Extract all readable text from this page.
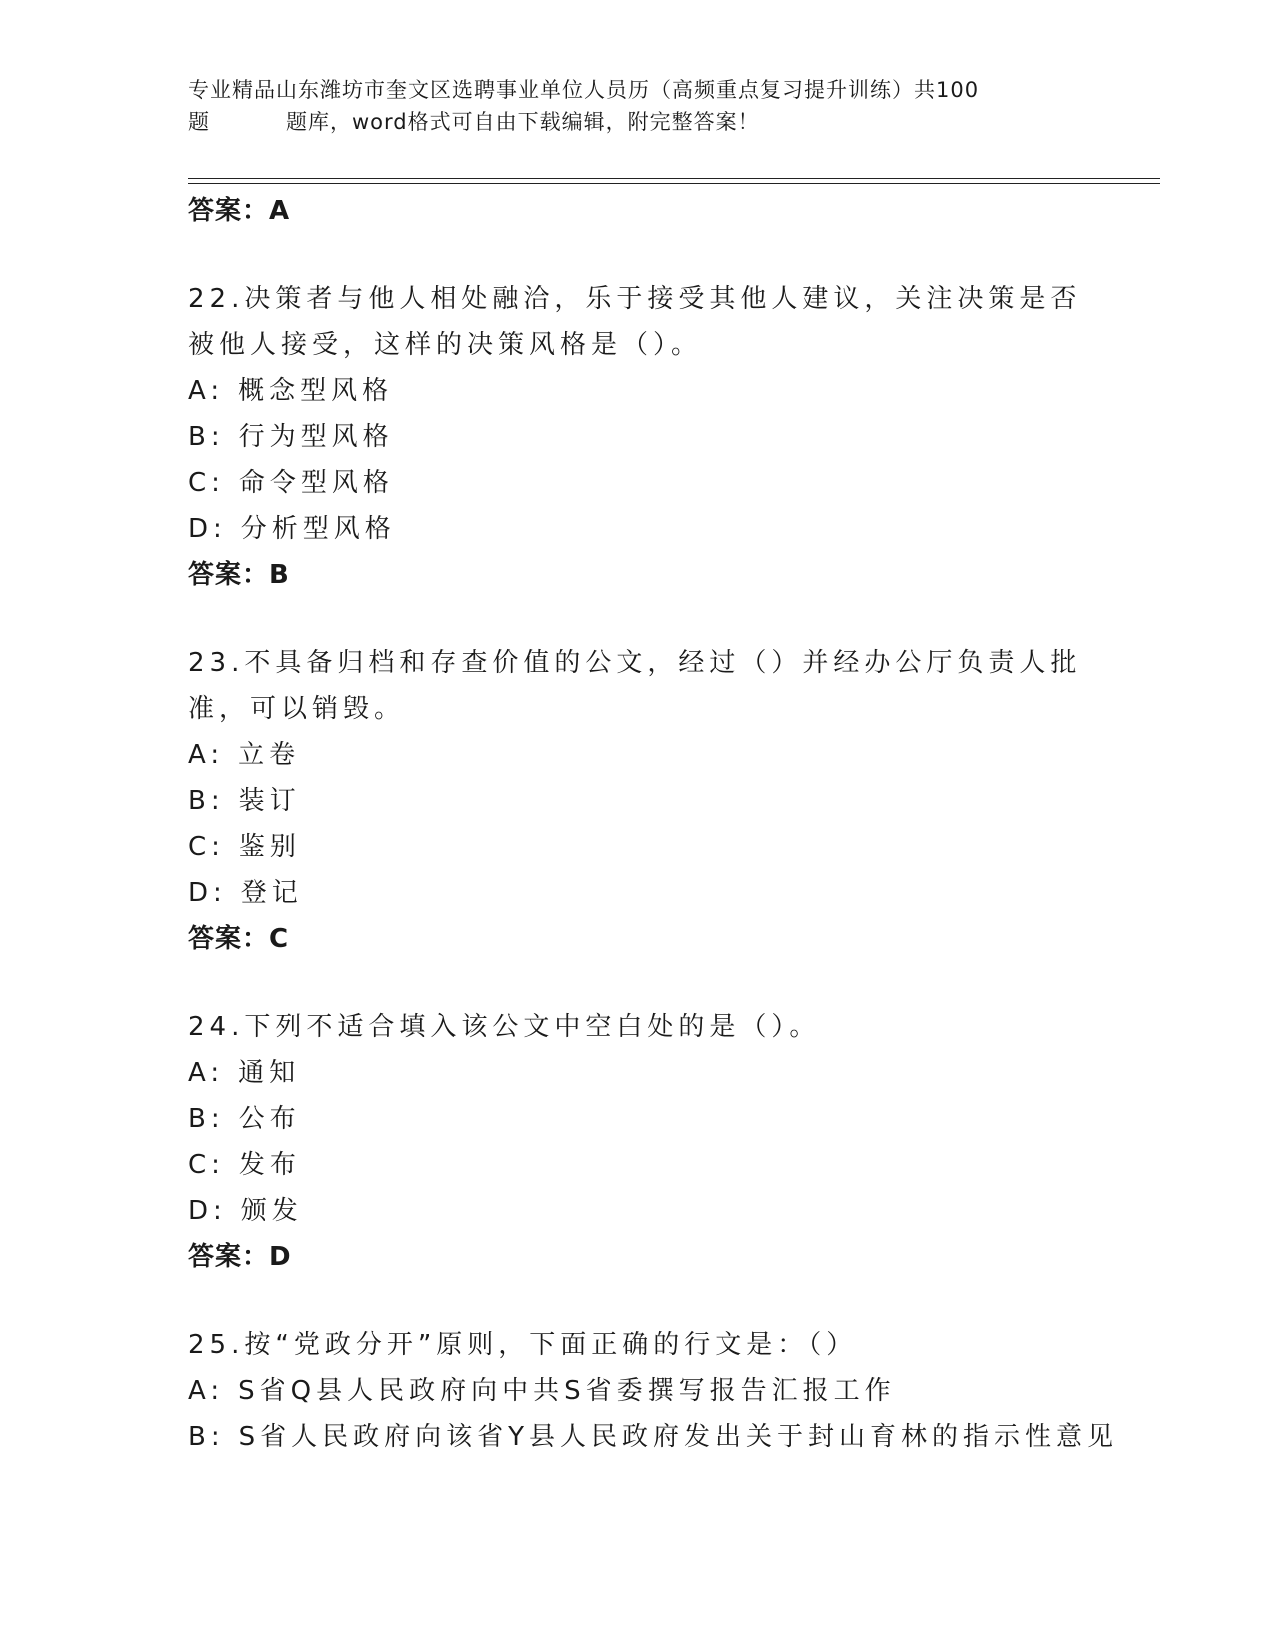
专业精品山东潍坊市奎文区选聘事业单位人员历（高频重点复习提升训练）共100
题	题库，word格式可自由下载编辑，附完整答案！

答案：A

22.决策者与他人相处融洽，乐于接受其他人建议，关注决策是否被他人接受，这样的决策风格是（）。

A: 概念型风格

B: 行为型风格

C: 命令型风格

D: 分析型风格

答案：B

23.不具备归档和存查价值的公文，经过（）并经办公厅负责人批准，可以销毁。

A: 立卷

B: 装订

C: 鉴别

D: 登记

答案：C

24.下列不适合填入该公文中空白处的是（）。

A: 通知

B: 公布

C: 发布

D: 颁发

答案：D

25.按“党政分开”原则，下面正确的行文是：（）

A: S省Q县人民政府向中共S省委撰写报告汇报工作

B: S省人民政府向该省Y县人民政府发出关于封山育林的指示性意见
